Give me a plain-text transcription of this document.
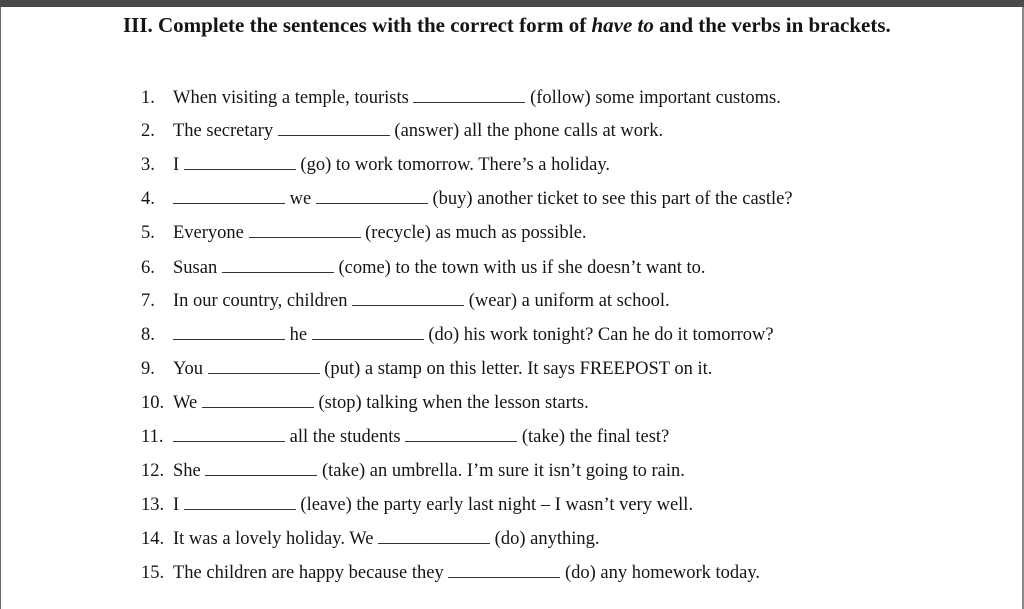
III. Complete the sentences with the correct form of have to and the verbs in brackets.
1. When visiting a temple, tourists	(follow) some important customs.
2. The secretary	(answer) all the phone calls at work.
3. I	(go) to work tomorrow. There’s a holiday.
4.	we	(buy) another ticket to see this part of the castle?
5. Everyone	(recycle) as much as possible.
6. Susan	(come) to the town with us if she doesn’t want to.
7. In our country, children	(wear) a uniform at school.
8.	he	(do) his work tonight? Can he do it tomorrow?
9. You	(put) a stamp on this letter. It says FREEPOST on it.
10. We	(stop) talking when the lesson starts.
11.	all the students	(take) the final test?
12. She	(take) an umbrella. I’m sure it isn’t going to rain.
13. I	(leave) the party early last night – I wasn’t very well.
14. It was a lovely holiday. We	(do) anything.
15. The children are happy because they	(do) any homework today.
